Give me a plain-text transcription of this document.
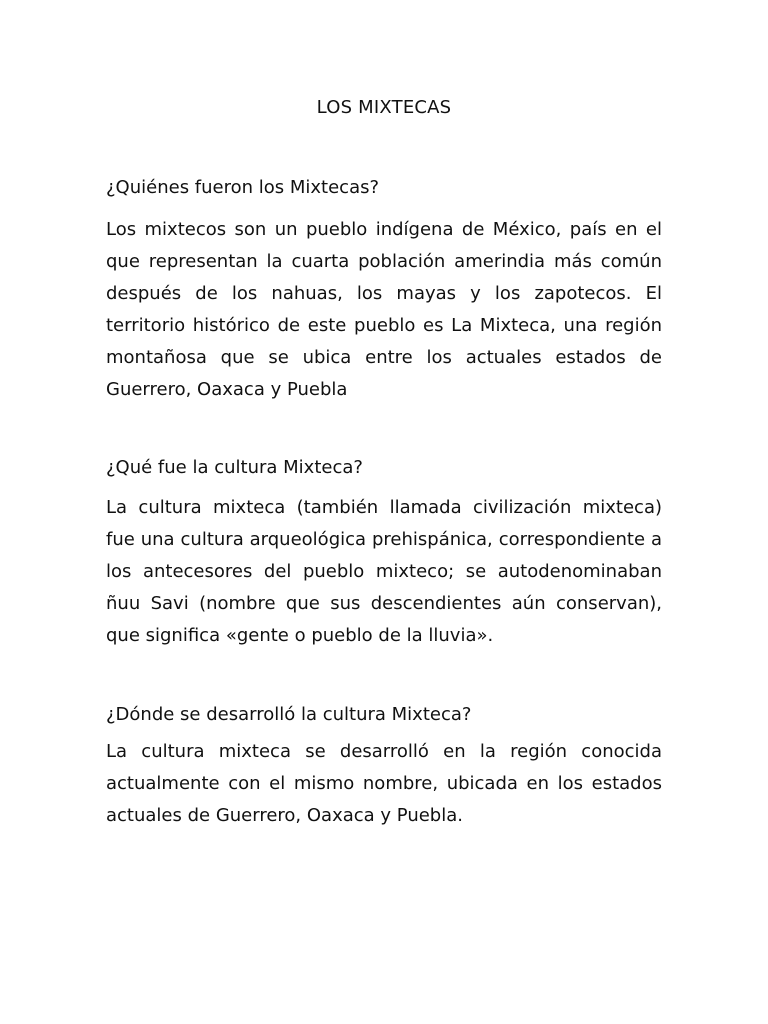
LOS MIXTECAS
¿Quiénes fueron los Mixtecas?
Los mixtecos son un pueblo indígena de México, país en el que representan la cuarta población amerindia más común después de los nahuas, los mayas y los zapotecos. El territorio histórico de este pueblo es La Mixteca, una región montañosa que se ubica entre los actuales estados de Guerrero, Oaxaca y Puebla
¿Qué fue la cultura Mixteca?
La cultura mixteca (también llamada civilización mixteca) fue una cultura arqueológica prehispánica, correspondiente a los antecesores del pueblo mixteco; se autodenominaban ñuu Savi (nombre que sus descendientes aún conservan), que significa «gente o pueblo de la lluvia».
¿Dónde se desarrolló la cultura Mixteca?
La cultura mixteca se desarrolló en la región conocida actualmente con el mismo nombre, ubicada en los estados actuales de Guerrero, Oaxaca y Puebla.
